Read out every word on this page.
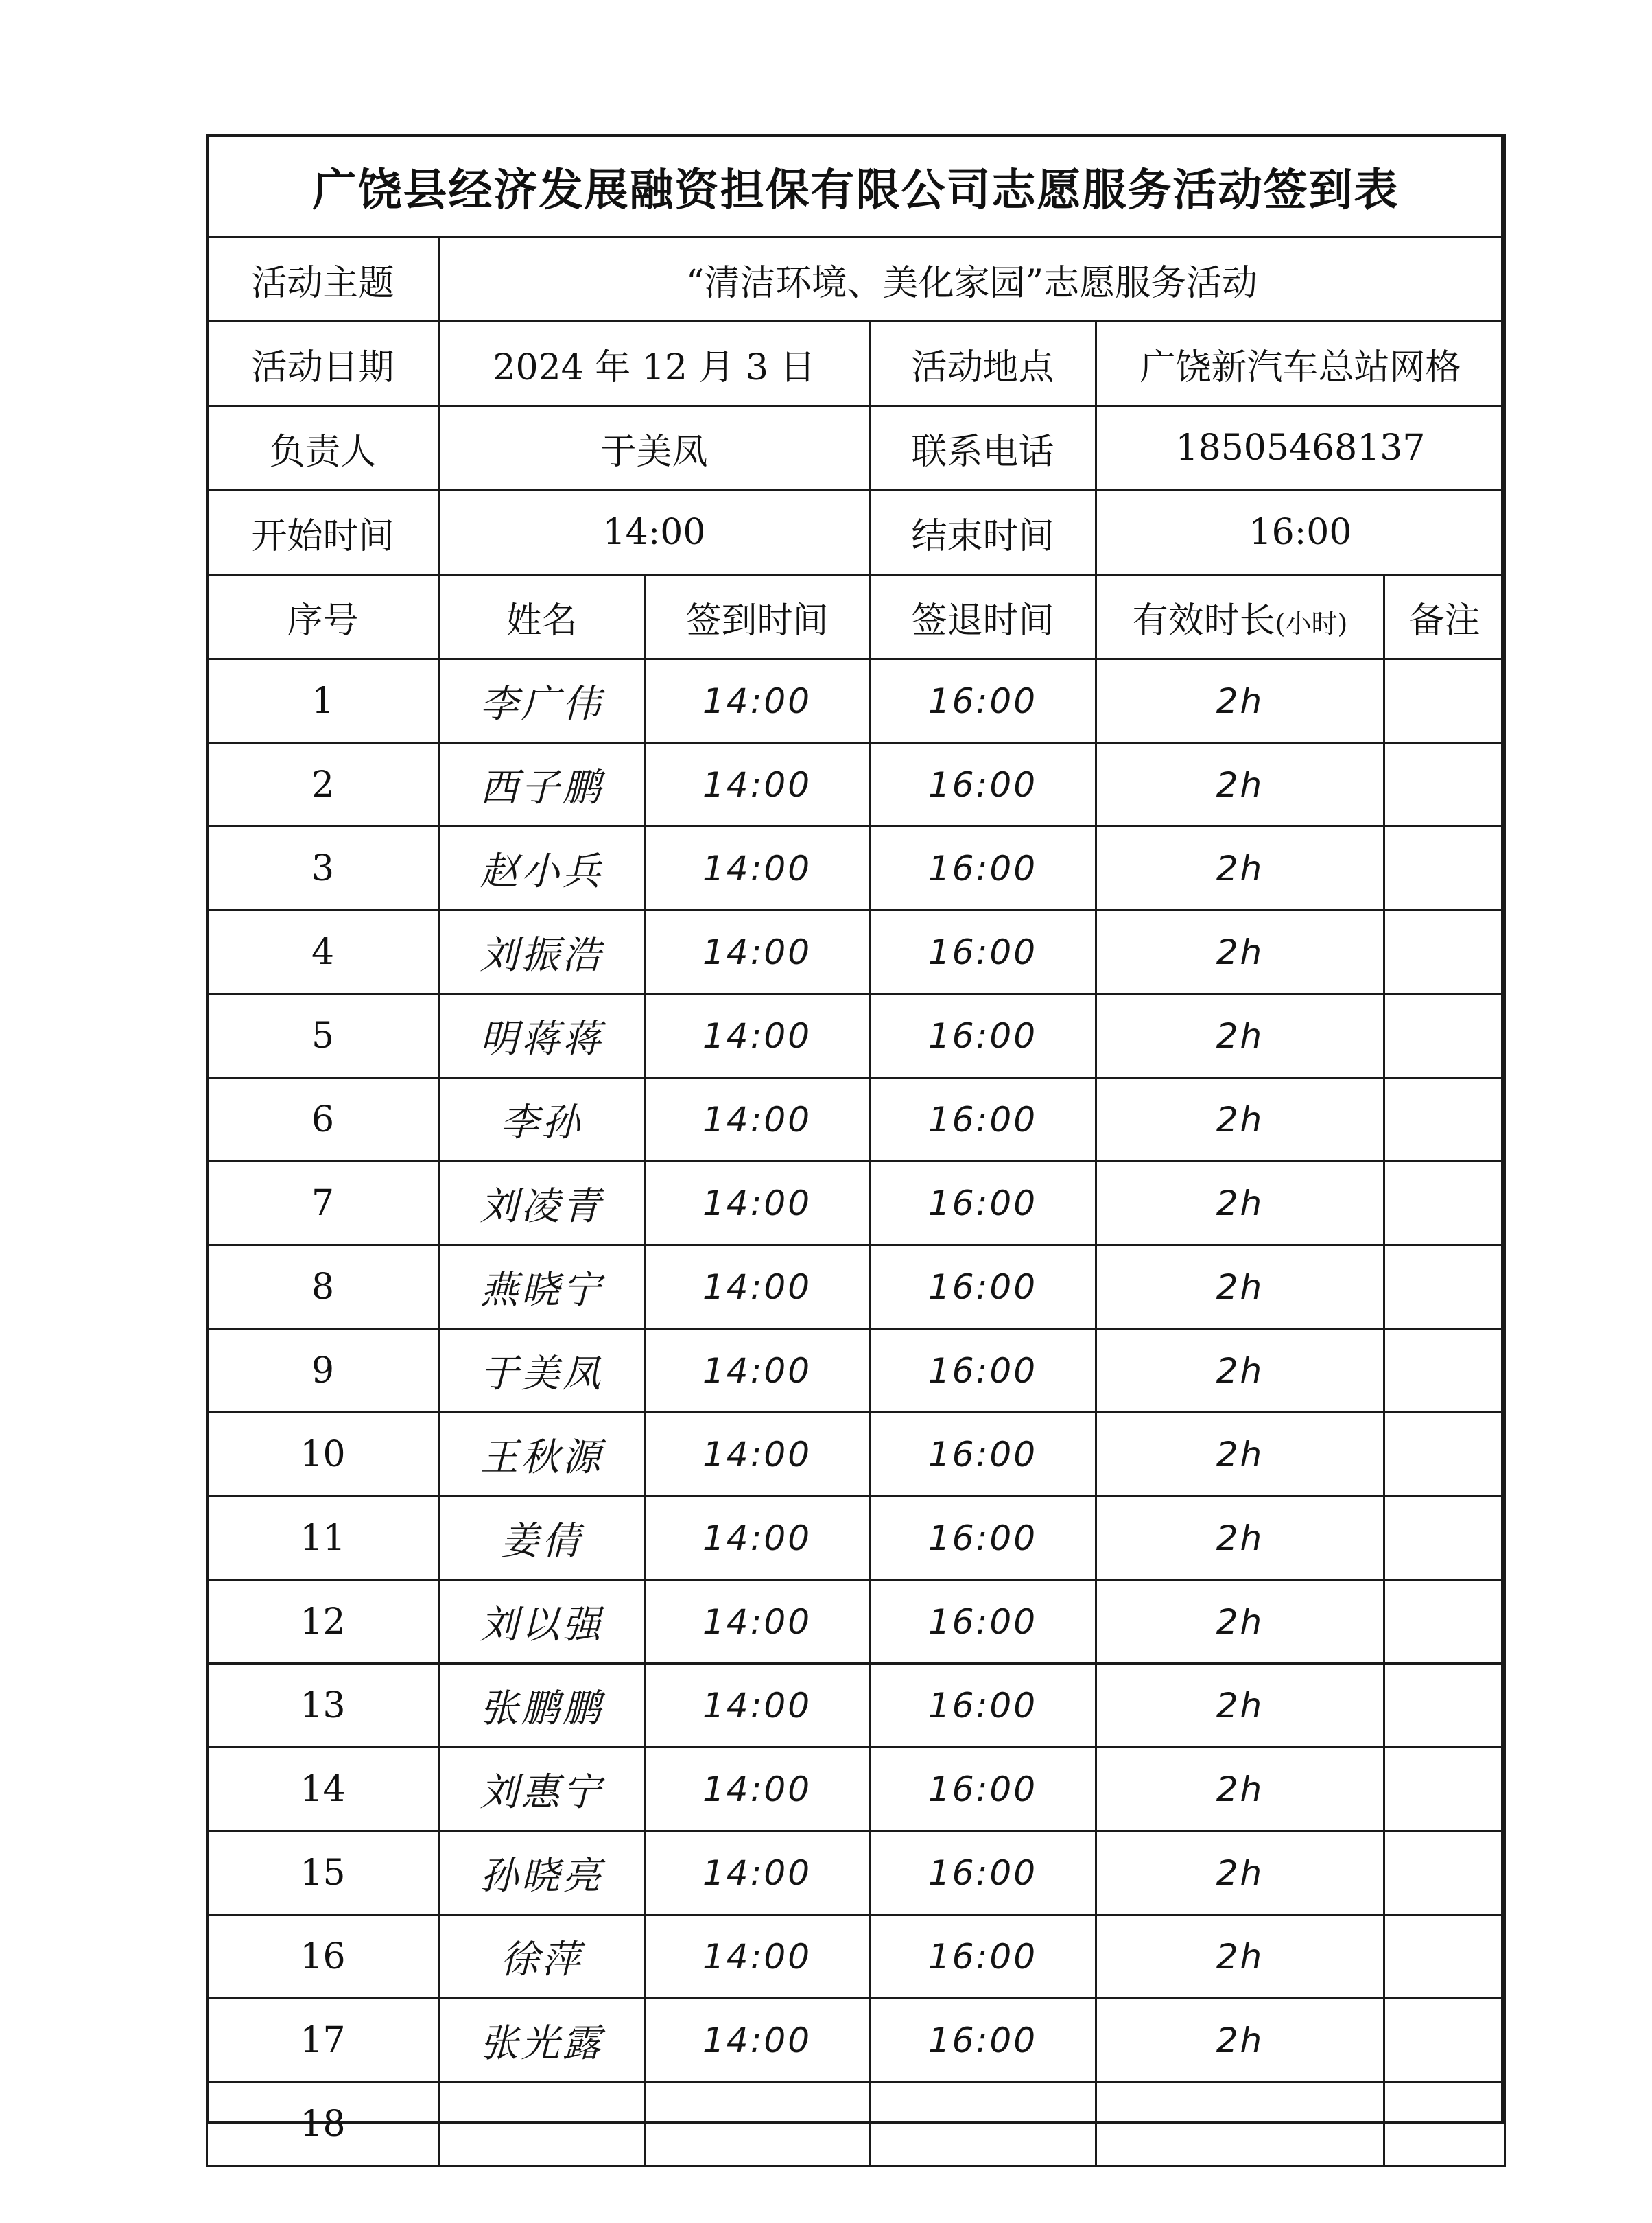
广饶县经济发展融资担保有限公司志愿服务活动签到表					
活动主题	“清洁环境、美化家园”志愿服务活动				
活动日期	2024 年 12 月 3 日		活动地点	广饶新汽车总站网格	
负责人	于美凤		联系电话	18505468137	
开始时间	14:00		结束时间	16:00	
序号	姓名	签到时间	签退时间	有效时长(小时)	备注
1	李广伟	14:00	16:00	2h	
2	西子鹏	14:00	16:00	2h	
3	赵小兵	14:00	16:00	2h	
4	刘振浩	14:00	16:00	2h	
5	明蒋蒋	14:00	16:00	2h	
6	李孙	14:00	16:00	2h	
7	刘凌青	14:00	16:00	2h	
8	燕晓宁	14:00	16:00	2h	
9	于美凤	14:00	16:00	2h	
10	王秋源	14:00	16:00	2h	
11	姜倩	14:00	16:00	2h	
12	刘以强	14:00	16:00	2h	
13	张鹏鹏	14:00	16:00	2h	
14	刘惠宁	14:00	16:00	2h	
15	孙晓亮	14:00	16:00	2h	
16	徐萍	14:00	16:00	2h	
17	张光露	14:00	16:00	2h	
18					
